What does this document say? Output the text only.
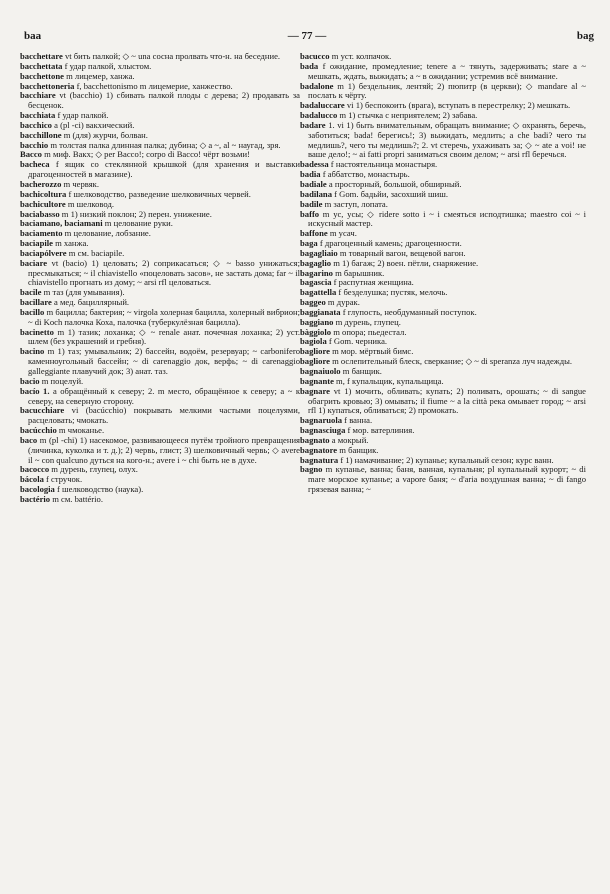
baa	— 77 —	bag

bacchettare vt бить палкой; ◇ ~ una сосна пролвать что-н. на беседние.

bacchettata f удар палкой, хлыстом.

bacchettone m лицемер, ханжа.

bacchettoneria f, bacchettonismo m лицемерие, ханжество.

bacchiare vt (bacchio) 1) сбивать палкой плоды с дерева; 2) продавать за бесценок.

bacchiata f удар палкой.

bacchico a (pl -ci) вакхический.

bacchillone m (для) журчи, болван.

bacchio m толстая палка длинная палка; дубина; ◇ a ~, al ~ наугад, зря.

Bacco m миф. Вакх; ◇ per Bacco!; corpo di Bacco! чёрт возьми!

bacheca f ящик со стеклянной крышкой (для хранения и выставки драгоценностей в магазине).

bacherozzo m червяк.

bachicoltura f шелководство, разведение шелковичных червей.

bachicultore m шелковод.

baciabasso m 1) низкий поклон; 2) перен. унижение.

baciamano, baciamani m целование руки.

baciamento m целование, лобзание.

baciapile m ханжа.

baciapólvere m см. baciapile.

baciare vt (bacio) 1) целовать; 2) соприкасаться; ◇ ~ basso унижаться; пресмыкаться; ~ il chiavistello «поцеловать засов», не застать дома; far ~ il chiavistello прогнать из дому; ~ arsi rfl целоваться.

bacile m таз (для умывания).

bacillare a мед. бациллярный.

bacillo m бацилла; бактерия; ~ virgola холерная бацилла, холерный вибрион; ~ di Koch палочка Коха, палочка (туберкулёзная бацилла).

bacinetto m 1) тазик; лоханка; ◇ ~ renale анат. почечная лоханка; 2) уст. шлем (без украшений и гребня).

bacino m 1) таз; умывальник; 2) бассейн, водоём, резервуар; ~ carbonifero каменноугольный бассейн; ~ di carenaggio док, верфь; ~ di carenaggio galleggiante плавучий док; 3) анат. таз.

bacio m поцелуй.

bacío 1. a обращённый к северу; 2. m место, обращённое к северу; a ~ к северу, на северную сторону.

bacucchiare vi (bacúcchio) покрывать мелкими частыми поцелуями, расцеловать; чмокать.

bacúcchio m чмоканье.

baco m (pl -chi) 1) насекомое, развивающееся путём тройного превращения (личинка, куколка и т. д.); 2) червь, глист; 3) шелковичный червь; ◇ avere il ~ con qualcuno дуться на кого-н.; avere i ~ chi быть не в духе.

bacocco m дурень, глупец, олух.

bácola f стручок.

bacologia f шелководство (наука).

bactério m см. battério.

bacucco m уст. колпачок.

bada f ожидание, промедление; tenere a ~ тянуть, задерживать; stare a ~ мешкать, ждать, выжидать; a ~ в ожидании; устремив всё внимание.

badalone m 1) бездельник, лентяй; 2) пюпитр (в церкви); ◇ mandare al ~ послать к чёрту.

badaluccare vi 1) беспокоить (врага), вступать в перестрелку; 2) мешкать.

badalucco m 1) стычка с неприятелем; 2) забава.

badare 1. vi 1) быть внимательным, обращать внимание; ◇ охранять, беречь, заботиться; bada! берегись!; 3) выжидать, медлить; a che badi? чего ты медлишь?, чего ты медлишь?; 2. vt стеречь, ухаживать за; ◇ ~ ate a voi! не ваше дело!; ~ ai fatti propri заниматься своим делом; ~ arsi rfl беречься.

badessa f настоятельница монастыря.

badia f аббатство, монастырь.

badiale a просторный, большой, обширный.

badilana f Gom. бадьйи, засохший шиш.

badile m заступ, лопата.

baffo m ус, усы; ◇ ridere sotto i ~ i смеяться исподтишка; maestro coi ~ i искусный мастер.

baffone m усач.

baga f драгоценный камень; драгоценности.

bagagliaio m товарный вагон, вещевой вагон.

bagaglio m 1) багаж; 2) воен. пётли, снаряжение.

bagarino m барышник.

bagascia f распутная женщина.

bagattella f безделушка; пустяк, мелочь.

baggeo m дурак.

baggianata f глупость, необдуманный поступок.

baggiano m дурень, глупец.

bàggiolo m опора; пьедестал.

bagiola f Gom. черника.

bagliore m мор. мёртвый бимс.

bagliore m ослепительный блеск, сверкание; ◇ ~ di speranza луч надежды.

bagnaiuolo m банщик.

bagnante m, f купальщик, купальщица.

bagnare vt 1) мочить, обливать; купать; 2) поливать, орошать; ~ di sangue обагрить кровью; 3) омывать; il fiume ~ a la città река омывает город; ~ arsi rfl 1) купаться, обливаться; 2) промокать.

bagnaruola f ванна.

bagnasciuga f мор. ватерлиния.

bagnato a мокрый.

bagnatore m банщик.

bagnatura f 1) намачивание; 2) купанье; купальный сезон; курс ванн.

bagno m купанье, ванна; баня, ванная, купальня; pl купальный курорт; ~ di mare морское купанье; a vapore баня; ~ d'aria воздушная ванна; ~ di fango грязевая ванна; ~
